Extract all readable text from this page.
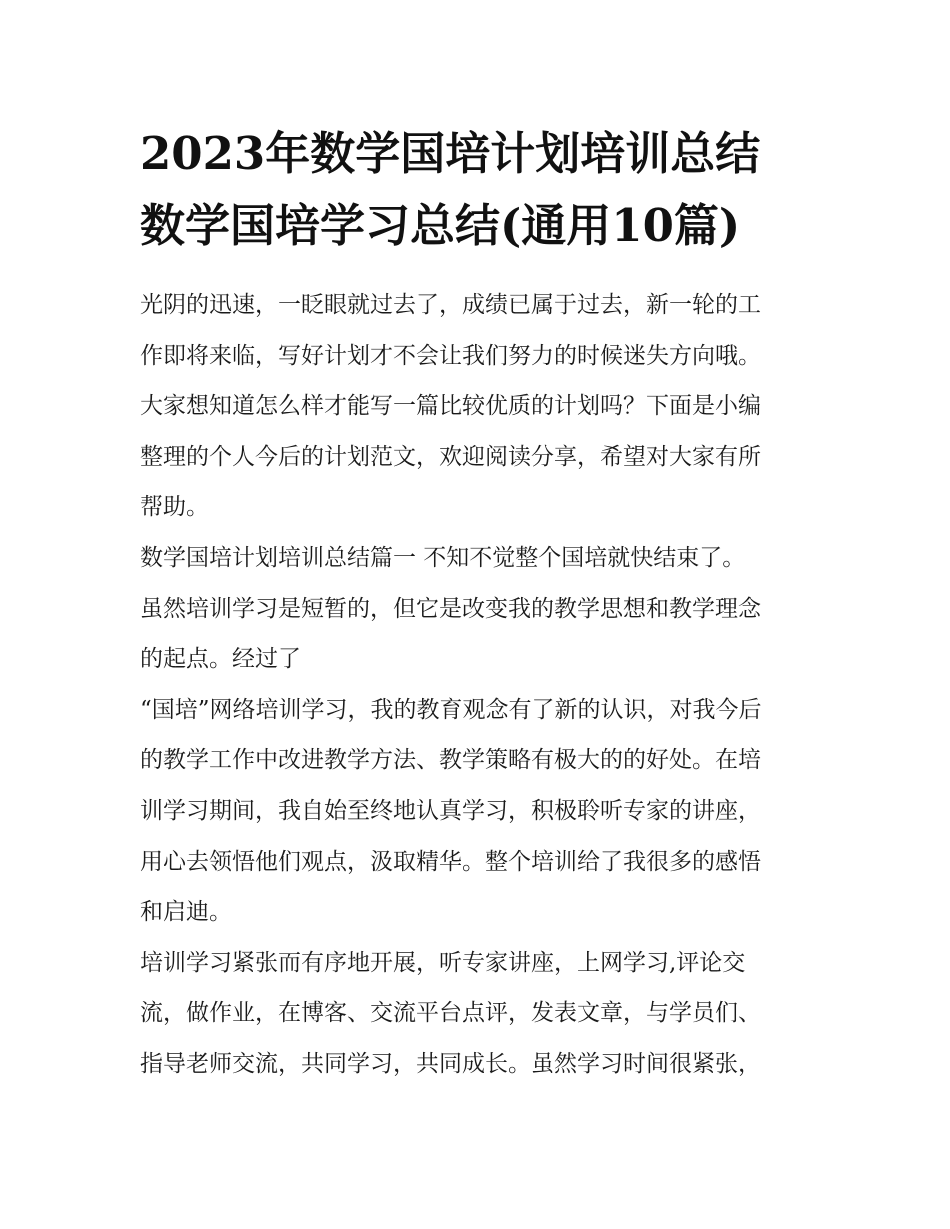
2023年数学国培计划培训总结
数学国培学习总结(通用10篇)
光阴的迅速，一眨眼就过去了，成绩已属于过去，新一轮的工
作即将来临，写好计划才不会让我们努力的时候迷失方向哦。
大家想知道怎么样才能写一篇比较优质的计划吗？下面是小编
整理的个人今后的计划范文，欢迎阅读分享，希望对大家有所
帮助。
数学国培计划培训总结篇一 不知不觉整个国培就快结束了。
虽然培训学习是短暂的，但它是改变我的教学思想和教学理念
的起点。经过了
“国培”网络培训学习，我的教育观念有了新的认识，对我今后
的教学工作中改进教学方法、教学策略有极大的的好处。在培
训学习期间，我自始至终地认真学习，积极聆听专家的讲座，
用心去领悟他们观点，汲取精华。整个培训给了我很多的感悟
和启迪。
培训学习紧张而有序地开展，听专家讲座，上网学习,评论交
流，做作业，在博客、交流平台点评，发表文章，与学员们、
指导老师交流，共同学习，共同成长。虽然学习时间很紧张，
